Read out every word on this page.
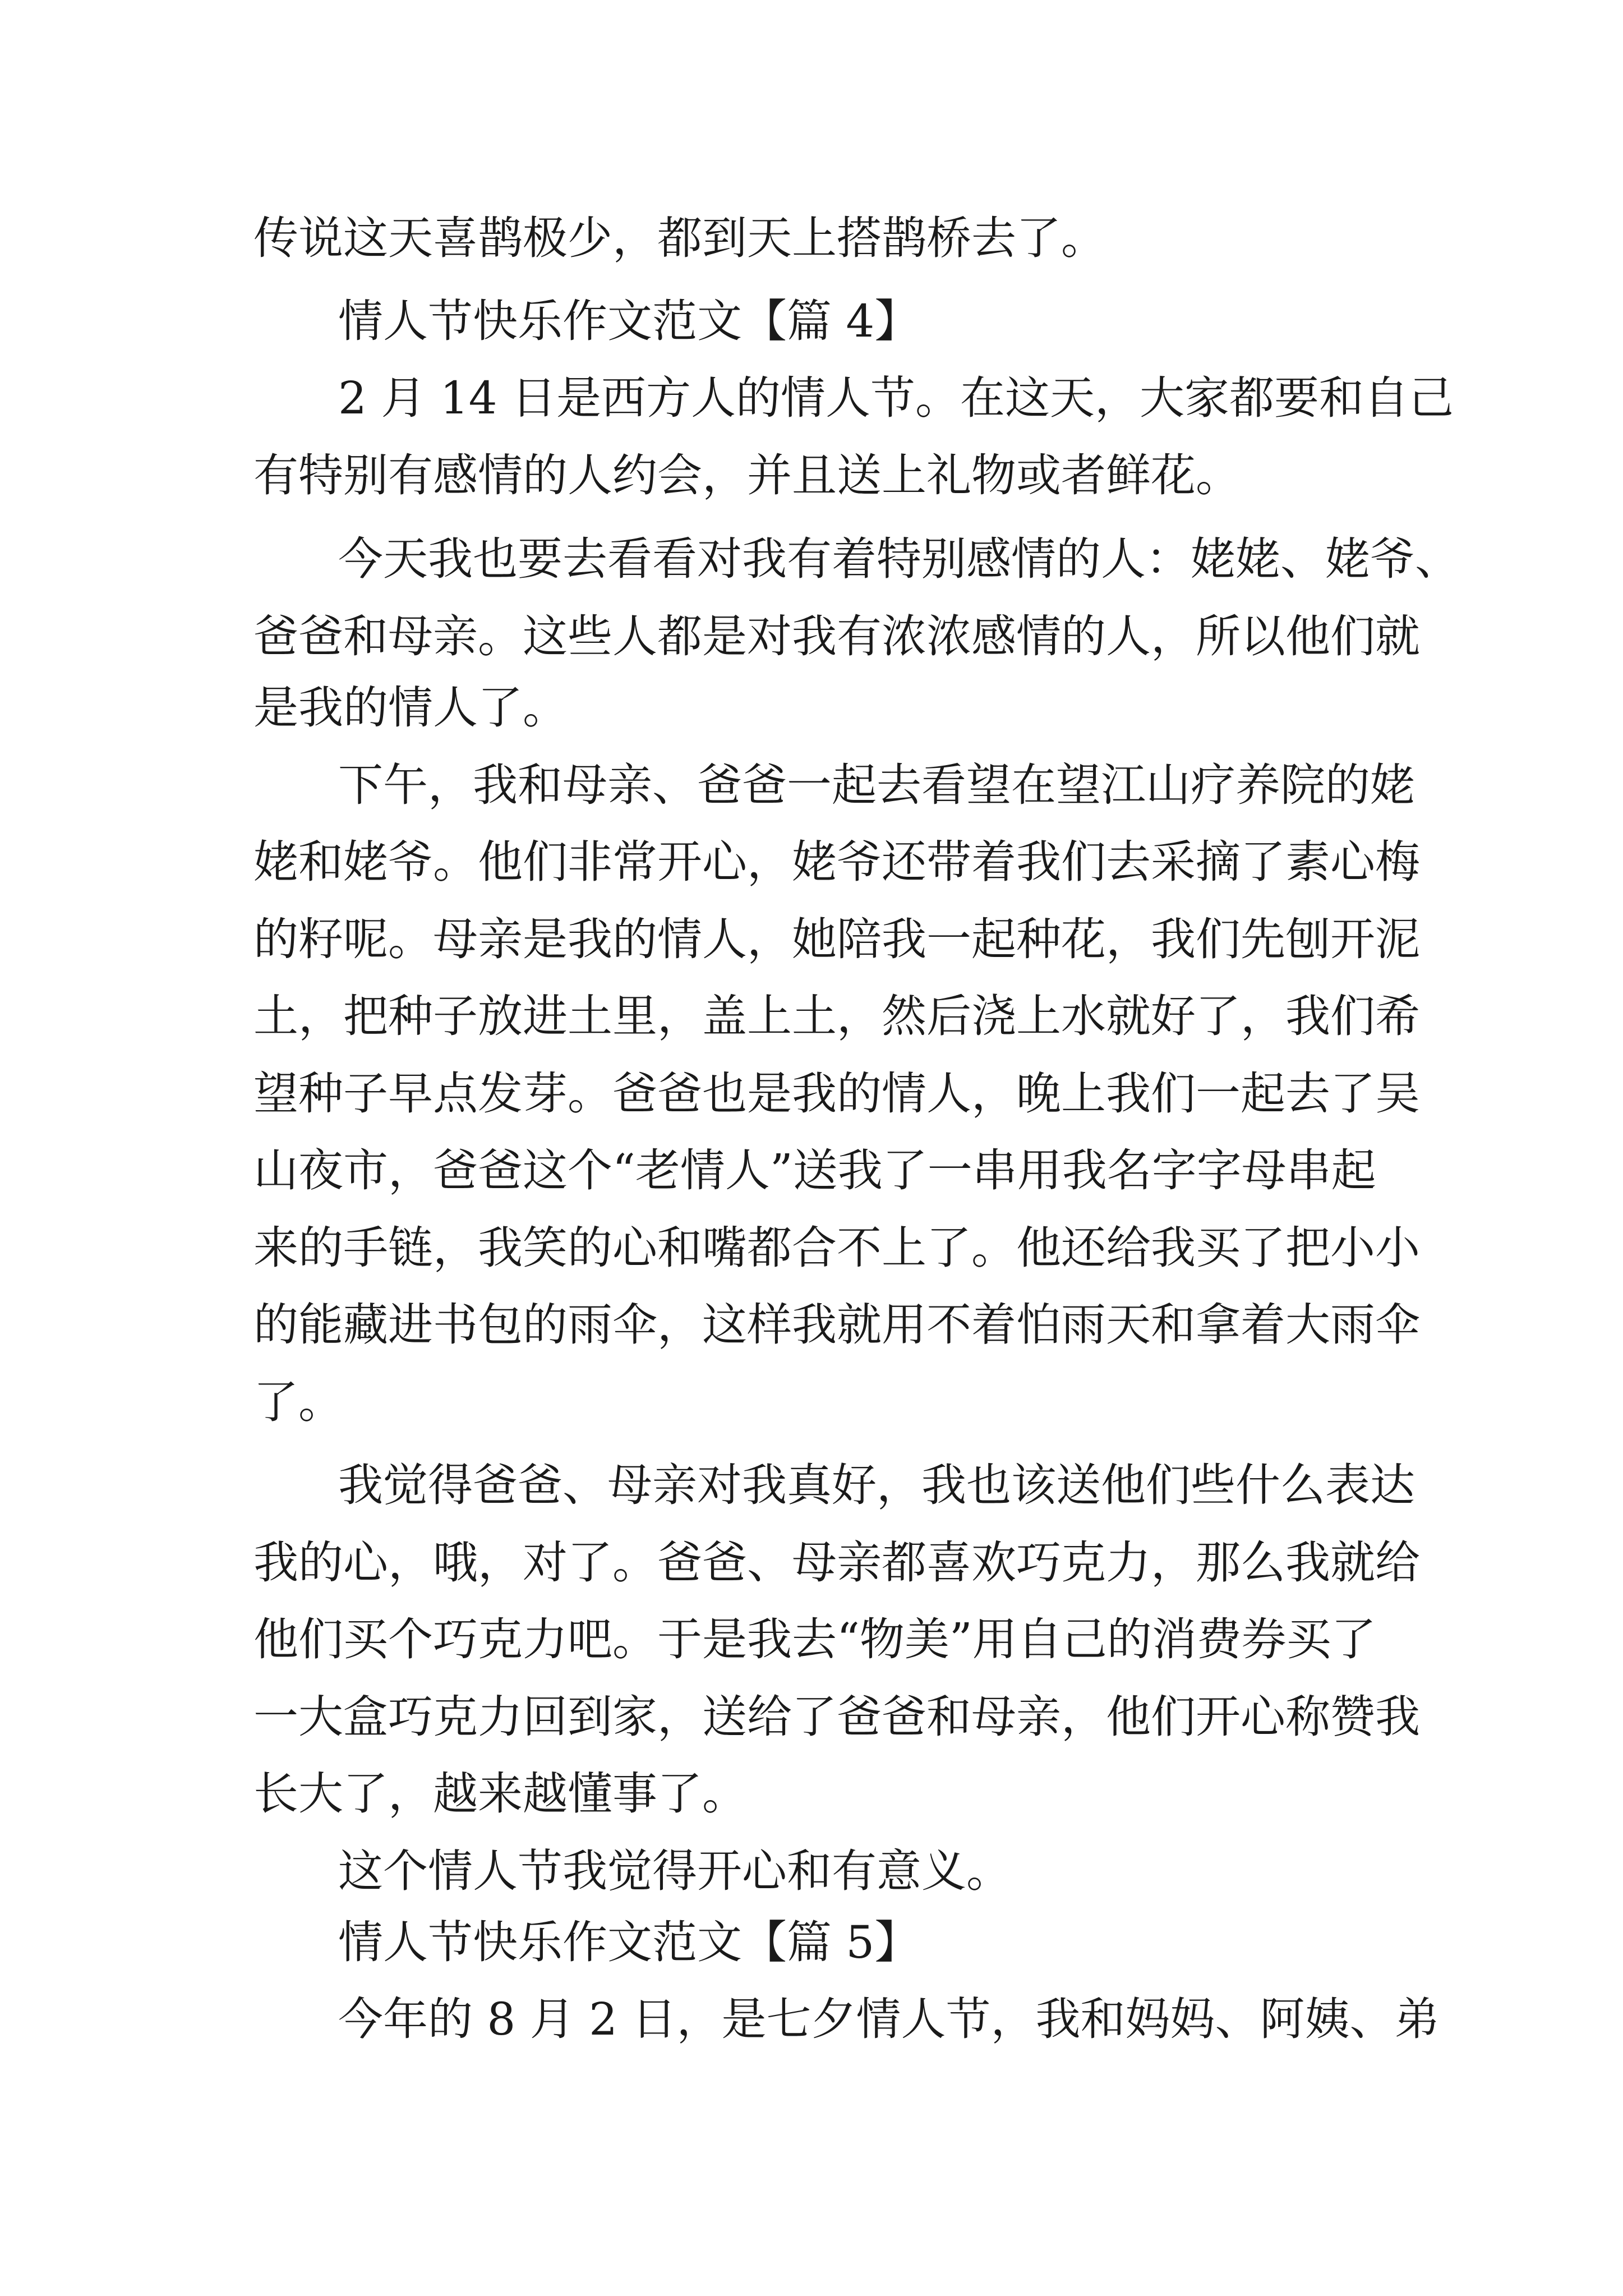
传说这天喜鹊极少，都到天上搭鹊桥去了。
情人节快乐作文范文【篇 4】
2 月 14 日是西方人的情人节。在这天，大家都要和自己
有特别有感情的人约会，并且送上礼物或者鲜花。
今天我也要去看看对我有着特别感情的人：姥姥、姥爷、
爸爸和母亲。这些人都是对我有浓浓感情的人，所以他们就
是我的情人了。
下午，我和母亲、爸爸一起去看望在望江山疗养院的姥
姥和姥爷。他们非常开心，姥爷还带着我们去采摘了素心梅
的籽呢。母亲是我的情人，她陪我一起种花，我们先刨开泥
土，把种子放进土里，盖上土，然后浇上水就好了，我们希
望种子早点发芽。爸爸也是我的情人，晚上我们一起去了吴
山夜市，爸爸这个“老情人”送我了一串用我名字字母串起
来的手链，我笑的心和嘴都合不上了。他还给我买了把小小
的能藏进书包的雨伞，这样我就用不着怕雨天和拿着大雨伞
了。
我觉得爸爸、母亲对我真好，我也该送他们些什么表达
我的心，哦，对了。爸爸、母亲都喜欢巧克力，那么我就给
他们买个巧克力吧。于是我去“物美”用自己的消费券买了
一大盒巧克力回到家，送给了爸爸和母亲，他们开心称赞我
长大了，越来越懂事了。
这个情人节我觉得开心和有意义。
情人节快乐作文范文【篇 5】
今年的 8 月 2 日，是七夕情人节，我和妈妈、阿姨、弟
